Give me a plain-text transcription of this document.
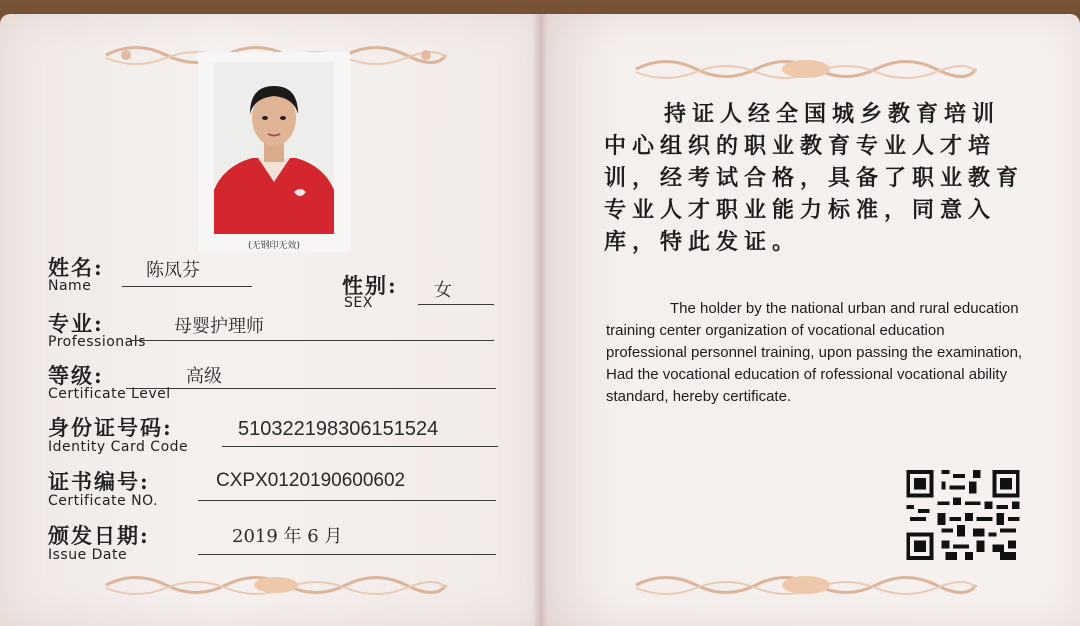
(无钢印无效)
姓名:
Name
陈凤芬
性别:
SEX
女
专业:
Professionals
母婴护理师
等级:
Certificate Level
高级
身份证号码:
Identity Card Code
510322198306151524
证书编号:
Certificate NO.
CXPX0120190600602
颁发日期:
Issue Date
2019 年 6 月
持证人经全国城乡教育培训中心组织的职业教育专业人才培训，经考试合格，具备了职业教育专业人才职业能力标准，同意入库，特此发证。
The holder by the national urban and rural education training center organization of vocational education professional personnel training, upon passing the examination, Had the vocational education of rofessional vocational ability standard, hereby certificate.
